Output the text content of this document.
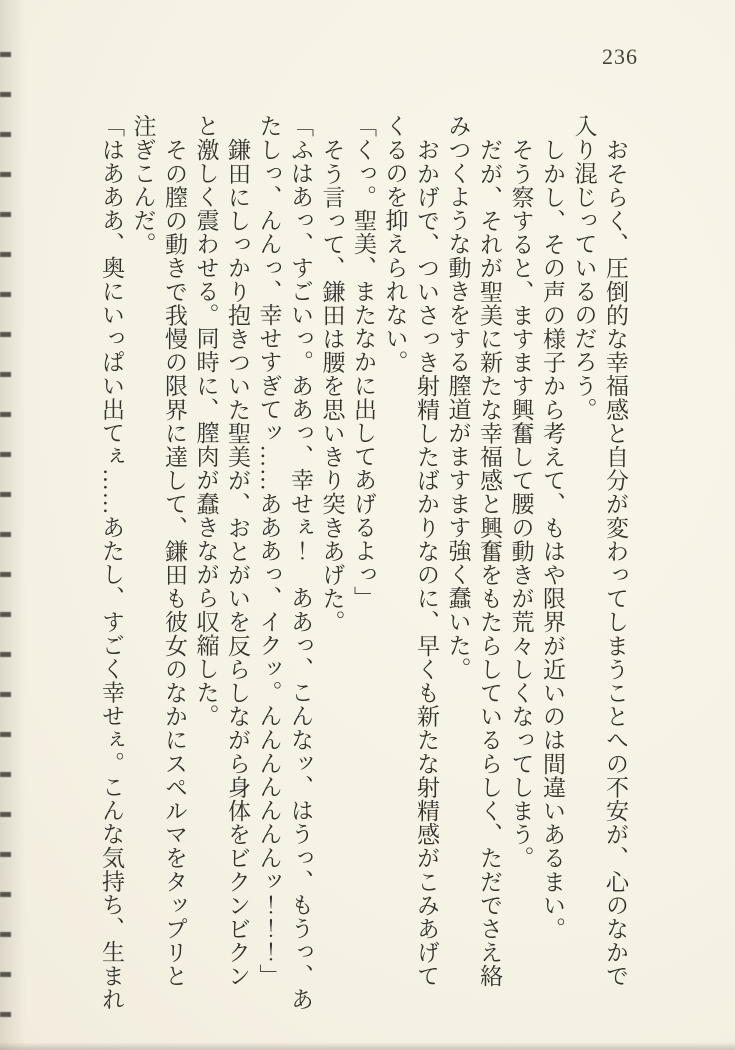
236

おそらく、圧倒的な幸福感と自分が変わってしまうことへの不安が、心のなかで入り混じっているのだろう。

しかし、その声の様子から考えて、もはや限界が近いのは間違いあるまい。

そう察すると、ますます興奮して腰の動きが荒々しくなってしまう。

だが、それが聖美に新たな幸福感と興奮をもたらしているらしく、ただでさえ絡みつくような動きをする膣道がますます強く蠢いた。

おかげで、ついさっき射精したばかりなのに、早くも新たな射精感がこみあげてくるのを抑えられない。

「くっ。聖美、またなかに出してあげるよっ」

そう言って、鎌田は腰を思いきり突きあげた。

「ふはあっ、すごいっ。ああっ、幸せぇ！　ああっ、こんなッ、はうっ、もうっ、あたしっ、んんっ、幸せすぎてッ……あああっ、イクッ。んんんんんんんッ！！！」

鎌田にしっかり抱きついた聖美が、おとがいを反らしながら身体をビクンビクンと激しく震わせる。同時に、膣肉が蠢きながら収縮した。

その膣の動きで我慢の限界に達して、鎌田も彼女のなかにスペルマをタップリと注ぎこんだ。

「はあああ、奥にいっぱい出てぇ……あたし、すごく幸せぇ。こんな気持ち、生まれ
